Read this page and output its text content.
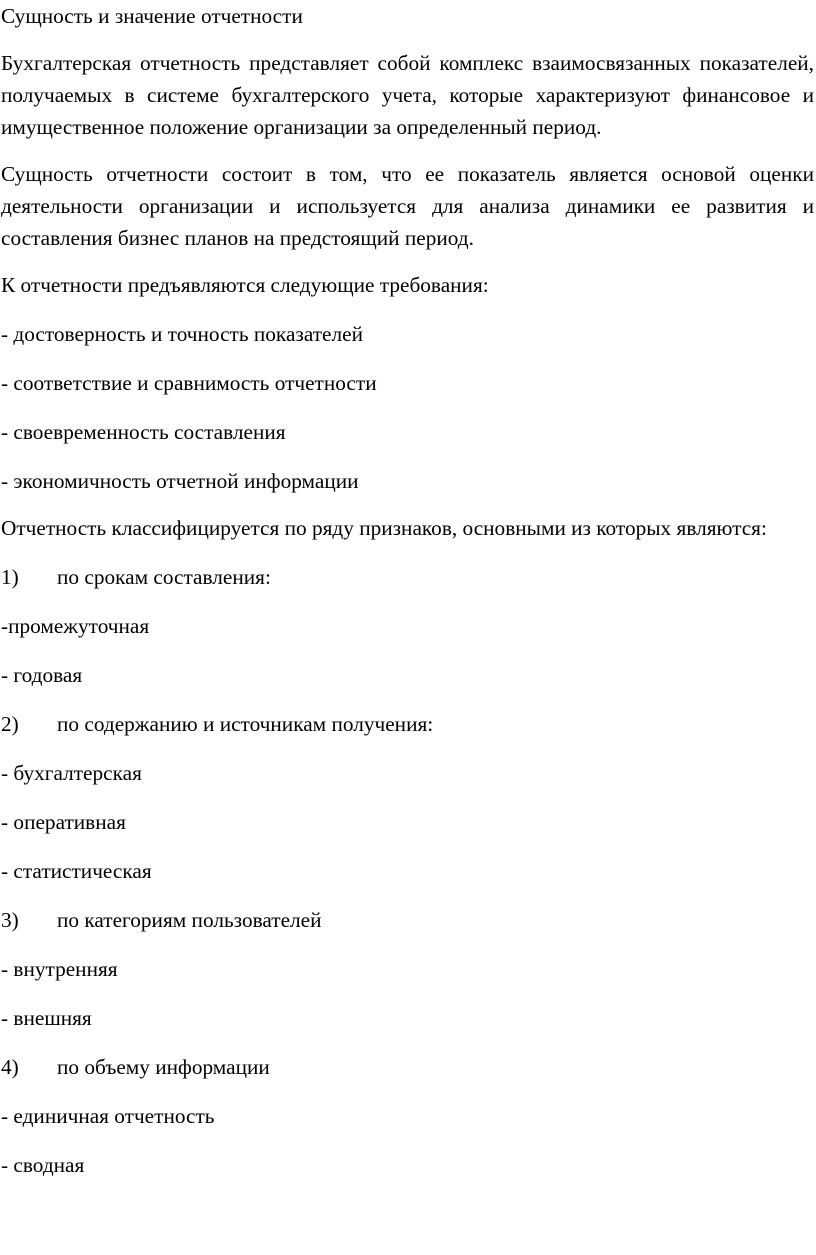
Сущность и значение отчетности

Бухгалтерская отчетность представляет собой комплекс взаимосвязанных показателей, получаемых в системе бухгалтерского учета, которые характеризуют финансовое и имущественное положение организации за определенный период.

Сущность отчетности состоит в том, что ее показатель является основой оценки деятельности организации и используется для анализа динамики ее развития и составления бизнес планов на предстоящий период.

К отчетности предъявляются следующие требования:

- достоверность и точность показателей
- соответствие и сравнимость отчетности
- своевременность составления
- экономичность отчетной информации

Отчетность классифицируется по ряду признаков, основными из которых являются:

1)	по срокам составления:
-промежуточная
- годовая
2)	по содержанию и источникам получения:
- бухгалтерская
- оперативная
- статистическая
3)	по категориям пользователей
- внутренняя
- внешняя
4)	по объему информации
- единичная отчетность
- сводная
